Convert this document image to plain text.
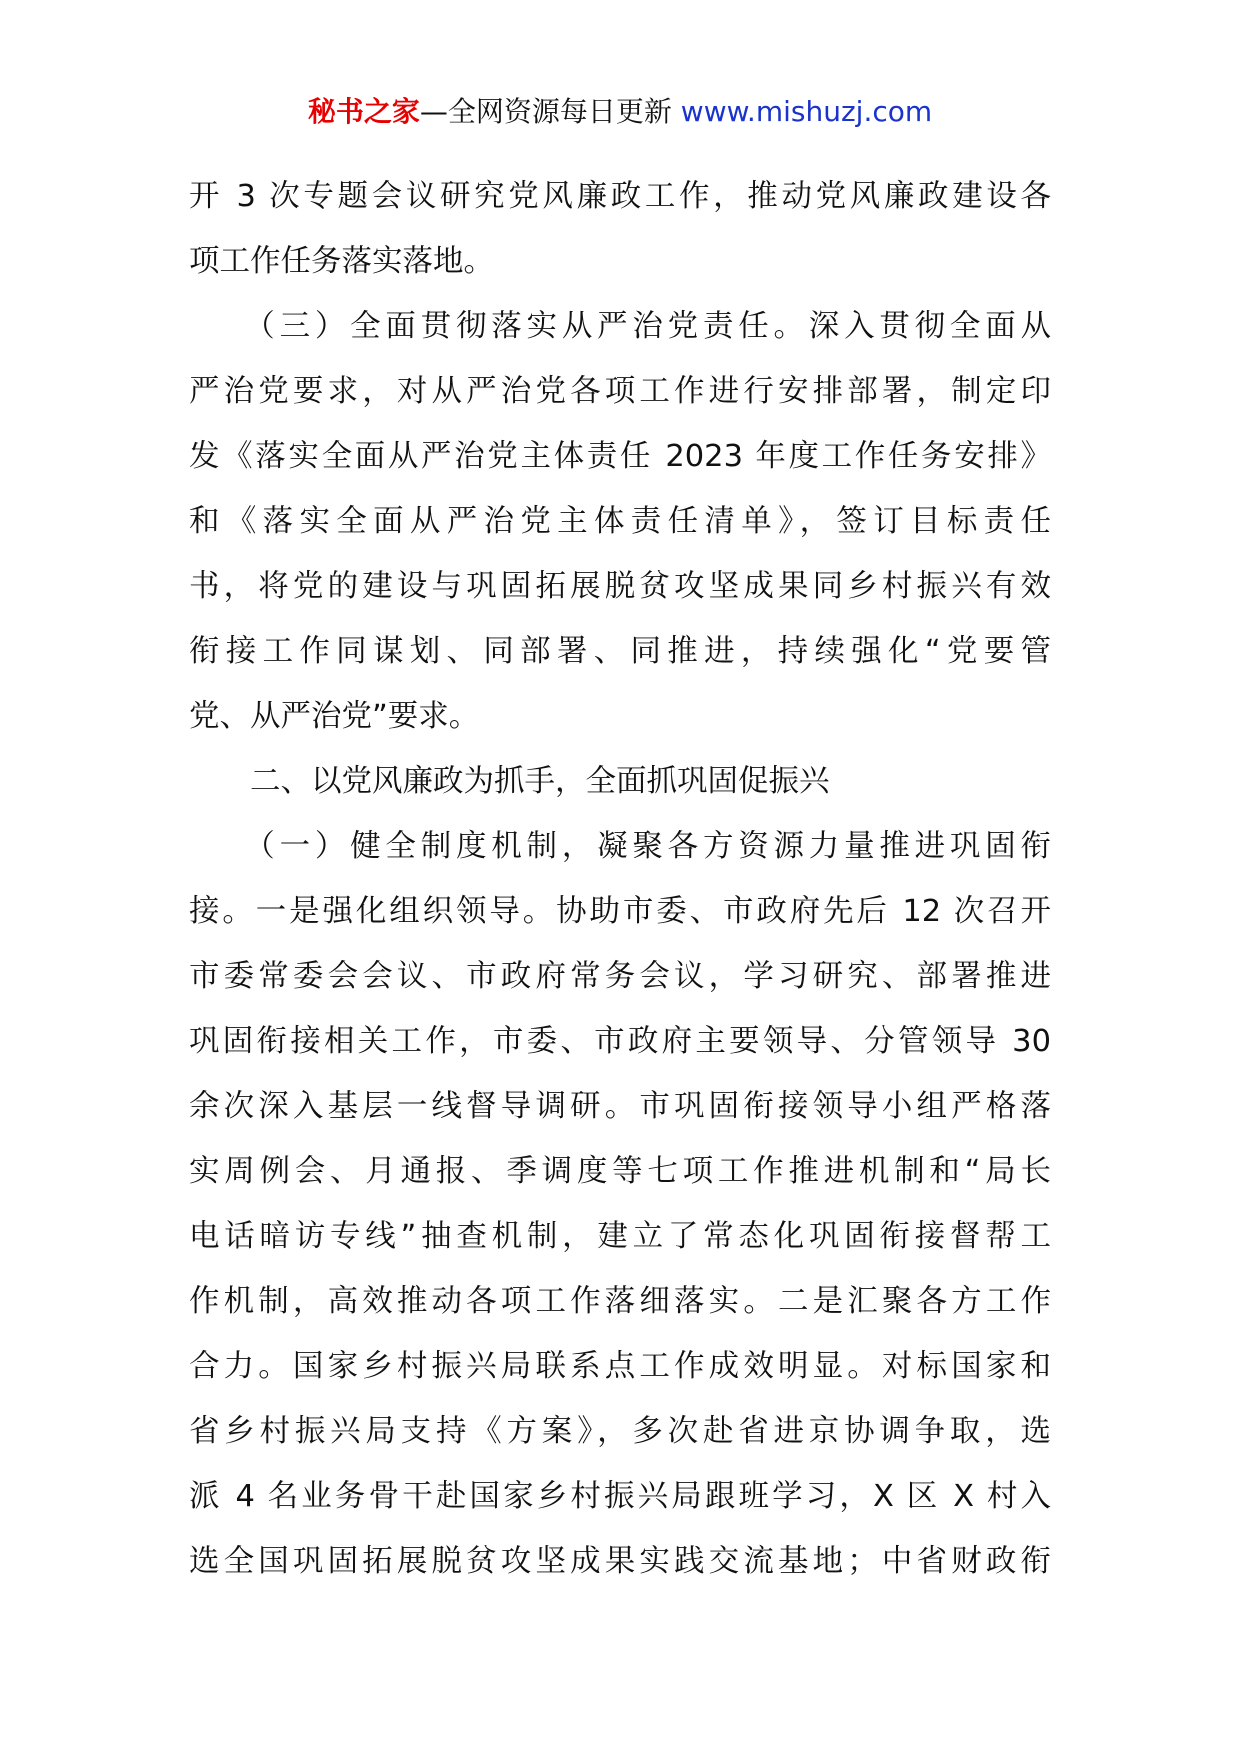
秘书之家—全网资源每日更新 www.mishuzj.com
开 3 次专题会议研究党风廉政工作，推动党风廉政建设各
项工作任务落实落地。
　　（三）全面贯彻落实从严治党责任。深入贯彻全面从
严治党要求，对从严治党各项工作进行安排部署，制定印
发《落实全面从严治党主体责任 2023 年度工作任务安排》
和《落实全面从严治党主体责任清单》，签订目标责任
书，将党的建设与巩固拓展脱贫攻坚成果同乡村振兴有效
衔接工作同谋划、同部署、同推进，持续强化“党要管
党、从严治党”要求。
　　二、以党风廉政为抓手，全面抓巩固促振兴
　　（一）健全制度机制，凝聚各方资源力量推进巩固衔
接。一是强化组织领导。协助市委、市政府先后 12 次召开
市委常委会会议、市政府常务会议，学习研究、部署推进
巩固衔接相关工作，市委、市政府主要领导、分管领导 30
余次深入基层一线督导调研。市巩固衔接领导小组严格落
实周例会、月通报、季调度等七项工作推进机制和“局长
电话暗访专线”抽查机制，建立了常态化巩固衔接督帮工
作机制，高效推动各项工作落细落实。二是汇聚各方工作
合力。国家乡村振兴局联系点工作成效明显。对标国家和
省乡村振兴局支持《方案》，多次赴省进京协调争取，选
派 4 名业务骨干赴国家乡村振兴局跟班学习，X 区 X 村入
选全国巩固拓展脱贫攻坚成果实践交流基地；中省财政衔
